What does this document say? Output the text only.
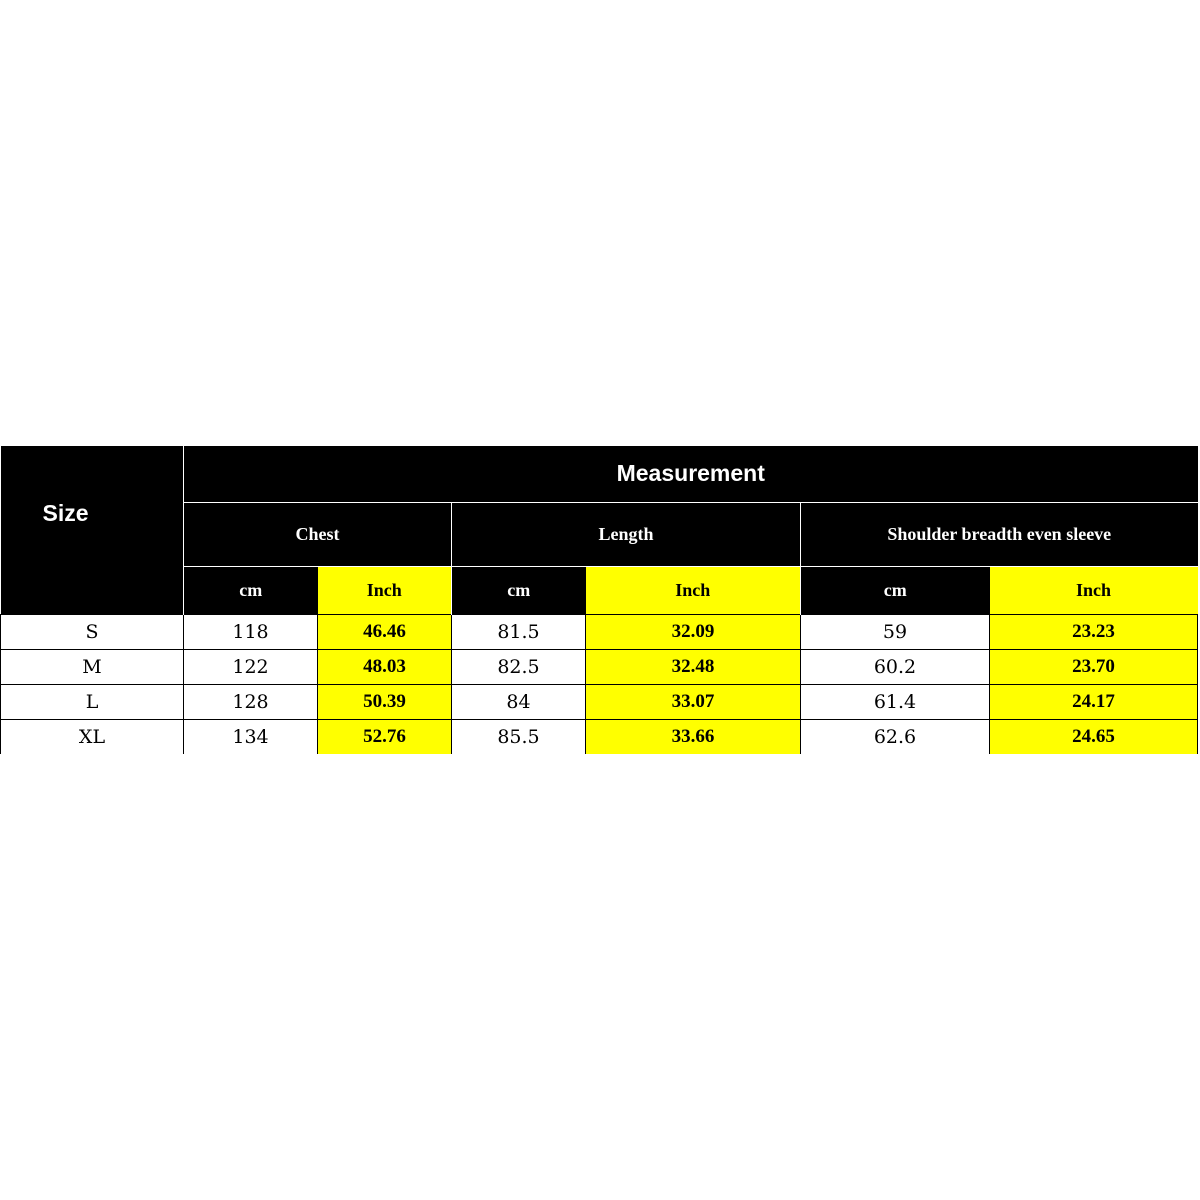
Size	Measurement					
	Chest		Length		Shoulder breadth even sleeve	
	cm	Inch	cm	Inch	cm	Inch
S	118	46.46	81.5	32.09	59	23.23
M	122	48.03	82.5	32.48	60.2	23.70
L	128	50.39	84	33.07	61.4	24.17
XL	134	52.76	85.5	33.66	62.6	24.65
